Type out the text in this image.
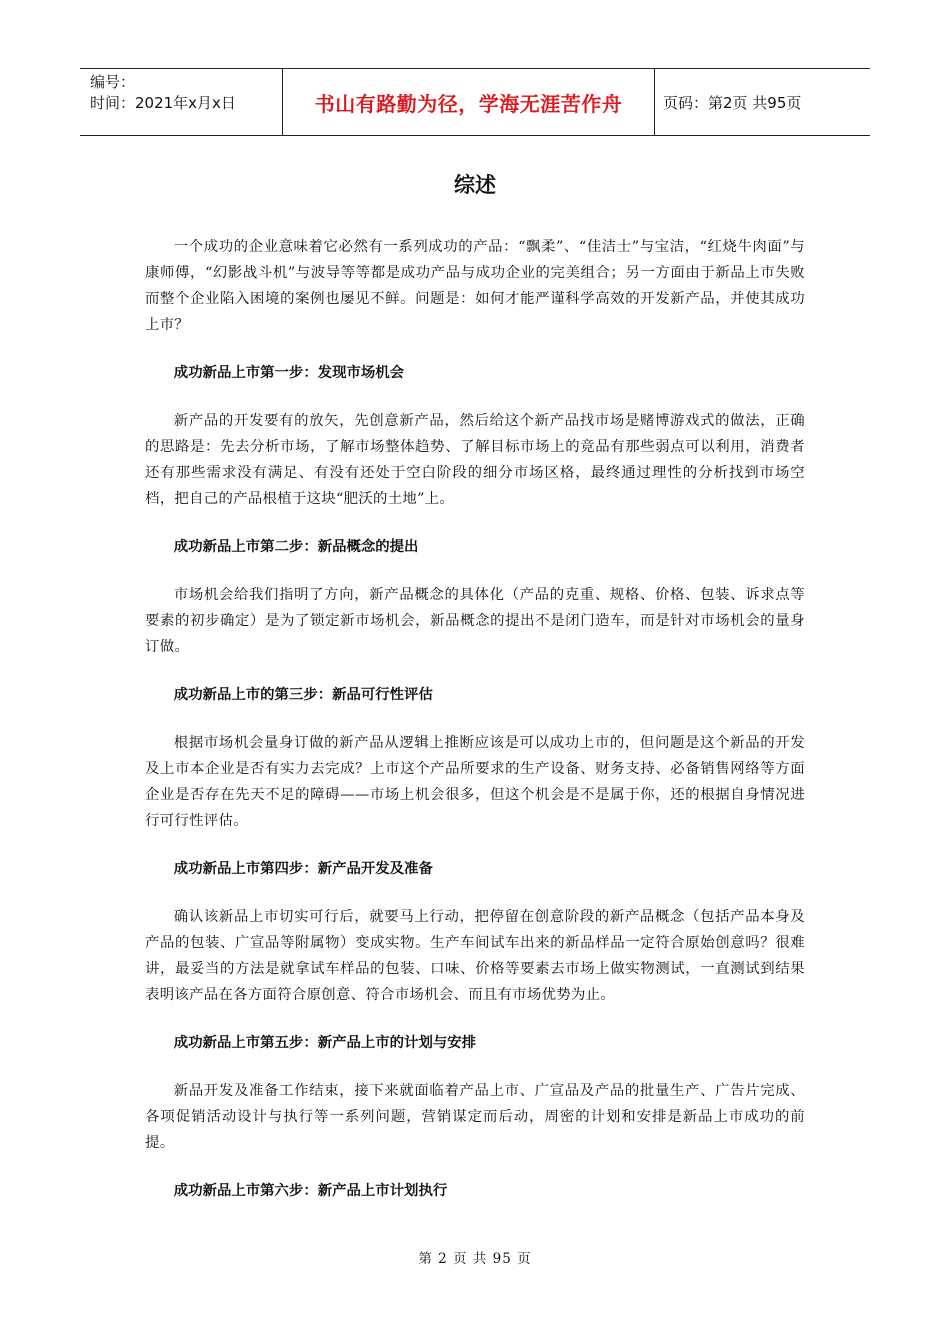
编号：
时间：2021年x月x日	书山有路勤为径，学海无涯苦作舟	页码：第2页 共95页
综述

一个成功的企业意味着它必然有一系列成功的产品：“飘柔”、“佳洁士”与宝洁，“红烧牛肉面”与康师傅，“幻影战斗机”与波导等等都是成功产品与成功企业的完美组合；另一方面由于新品上市失败而整个企业陷入困境的案例也屡见不鲜。问题是：如何才能严谨科学高效的开发新产品，并使其成功上市？

成功新品上市第一步：发现市场机会

新产品的开发要有的放矢，先创意新产品，然后给这个新产品找市场是赌博游戏式的做法，正确的思路是：先去分析市场，了解市场整体趋势、了解目标市场上的竞品有那些弱点可以利用，消费者还有那些需求没有满足、有没有还处于空白阶段的细分市场区格，最终通过理性的分析找到市场空档，把自己的产品根植于这块“肥沃的土地”上。

成功新品上市第二步：新品概念的提出

市场机会给我们指明了方向，新产品概念的具体化（产品的克重、规格、价格、包装、诉求点等要素的初步确定）是为了锁定新市场机会，新品概念的提出不是闭门造车，而是针对市场机会的量身订做。

成功新品上市的第三步：新品可行性评估

根据市场机会量身订做的新产品从逻辑上推断应该是可以成功上市的，但问题是这个新品的开发及上市本企业是否有实力去完成？上市这个产品所要求的生产设备、财务支持、必备销售网络等方面企业是否存在先天不足的障碍——市场上机会很多，但这个机会是不是属于你，还的根据自身情况进行可行性评估。

成功新品上市第四步：新产品开发及准备

确认该新品上市切实可行后，就要马上行动，把停留在创意阶段的新产品概念（包括产品本身及产品的包装、广宣品等附属物）变成实物。生产车间试车出来的新品样品一定符合原始创意吗？很难讲，最妥当的方法是就拿试车样品的包装、口味、价格等要素去市场上做实物测试，一直测试到结果表明该产品在各方面符合原创意、符合市场机会、而且有市场优势为止。

成功新品上市第五步：新产品上市的计划与安排

新品开发及准备工作结束，接下来就面临着产品上市、广宣品及产品的批量生产、广告片完成、各项促销活动设计与执行等一系列问题，营销谋定而后动，周密的计划和安排是新品上市成功的前提。

成功新品上市第六步：新产品上市计划执行
第 2 页 共 95 页
